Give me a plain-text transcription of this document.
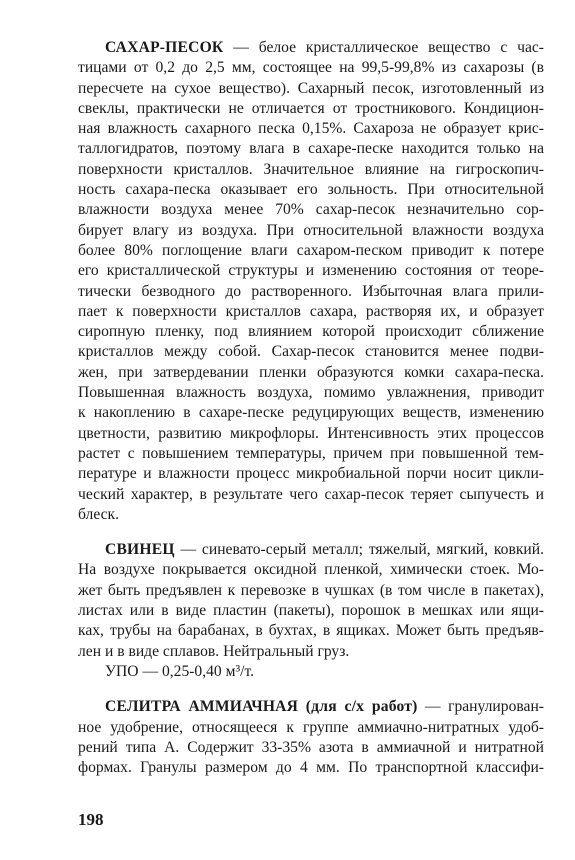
САХАР-ПЕСОК — белое кристаллическое вещество с час-
тицами от 0,2 до 2,5 мм, состоящее на 99,5-99,8% из сахарозы (в
пересчете на сухое вещество). Сахарный песок, изготовленный из
свеклы, практически не отличается от тростникового. Кондицион-
ная влажность сахарного песка 0,15%. Сахароза не образует крис-
таллогидратов, поэтому влага в сахаре-песке находится только на
поверхности кристаллов. Значительное влияние на гигроскопич-
ность сахара-песка оказывает его зольность. При относительной
влажности воздуха менее 70% сахар-песок незначительно сор-
бирует влагу из воздуха. При относительной влажности воздуха
более 80% поглощение влаги сахаром-песком приводит к потере
его кристаллической структуры и изменению состояния от теоре-
тически безводного до растворенного. Избыточная влага прили-
пает к поверхности кристаллов сахара, растворяя их, и образует
сиропную пленку, под влиянием которой происходит сближение
кристаллов между собой. Сахар-песок становится менее подви-
жен, при затвердевании пленки образуются комки сахара-песка.
Повышенная влажность воздуха, помимо увлажнения, приводит
к накоплению в сахаре-песке редуцирующих веществ, изменению
цветности, развитию микрофлоры. Интенсивность этих процессов
растет с повышением температуры, причем при повышенной тем-
пературе и влажности процесс микробиальной порчи носит цикли-
ческий характер, в результате чего сахар-песок теряет сыпучесть и
блеск.
СВИНЕЦ — синевато-серый металл; тяжелый, мягкий, ковкий.
На воздухе покрывается оксидной пленкой, химически стоек. Мо-
жет быть предъявлен к перевозке в чушках (в том числе в пакетах),
листах или в виде пластин (пакеты), порошок в мешках или ящи-
ках, трубы на барабанах, в бухтах, в ящиках. Может быть предъяв-
лен и в виде сплавов. Нейтральный груз.
УПО — 0,25-0,40 м³/т.
СЕЛИТРА АММИАЧНАЯ (для с/х работ) — гранулирован-
ное удобрение, относящееся к группе аммиачно-нитратных удоб-
рений типа А. Содержит 33-35% азота в аммиачной и нитратной
формах. Гранулы размером до 4 мм. По транспортной классифи-
198
